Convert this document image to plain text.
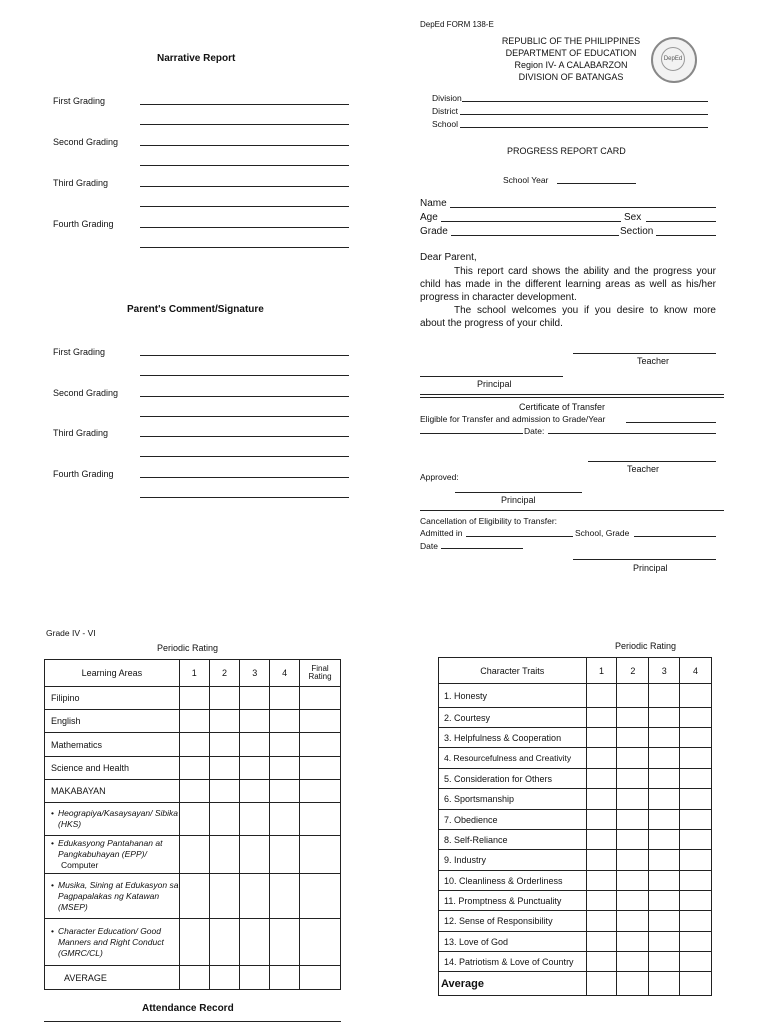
Narrative Report
First Grading
Second Grading
Third Grading
Fourth Grading
Parent's Comment/Signature
First Grading
Second Grading
Third Grading
Fourth Grading
DepEd FORM 138-E
REPUBLIC OF THE PHILIPPINES
DEPARTMENT OF EDUCATION
Region IV- A CALABARZON
DIVISION OF BATANGAS
DepEd
Division
District
School
PROGRESS REPORT CARD
School Year
Name
Age	Sex
Grade	Section
Dear Parent,
This report card shows the ability and the progress your child has made in the different learning areas as well as his/her progress in character development.
The school welcomes you if you desire to know more about the progress of your child.
Teacher
Principal
Certificate of Transfer
Eligible for Transfer and admission to Grade/Year
Date:
Teacher
Approved:
Principal
Cancellation of Eligibility to Transfer:
Admitted in	School, Grade
Date
Principal
Grade IV - VI
Periodic Rating
Learning Areas	1	2	3	4	Final Rating
Filipino					
English					
Mathematics					
Science and Health					
MAKABAYAN					

• Heograpiya/Kasaysayan/ Sibika (HKS)					

• Edukasyong Pantahanan at Pangkabuhayan (EPP)/
Computer					

• Musika, Sining at Edukasyon sa Pagpapalakas ng Katawan (MSEP)					

• Character Education/ Good Manners and Right Conduct (GMRC/CL)					

AVERAGE					
Attendance Record
Periodic Rating
Character Traits	1	2	3	4
1. Honesty				
2. Courtesy				
3. Helpfulness & Cooperation				
4. Resourcefulness and Creativity				
5. Consideration for Others				
6. Sportsmanship				
7. Obedience				
8. Self-Reliance				
9. Industry				
10. Cleanliness & Orderliness				
11. Promptness & Punctuality				
12. Sense of Responsibility				
13. Love of God				
14. Patriotism & Love of Country				
Average				
